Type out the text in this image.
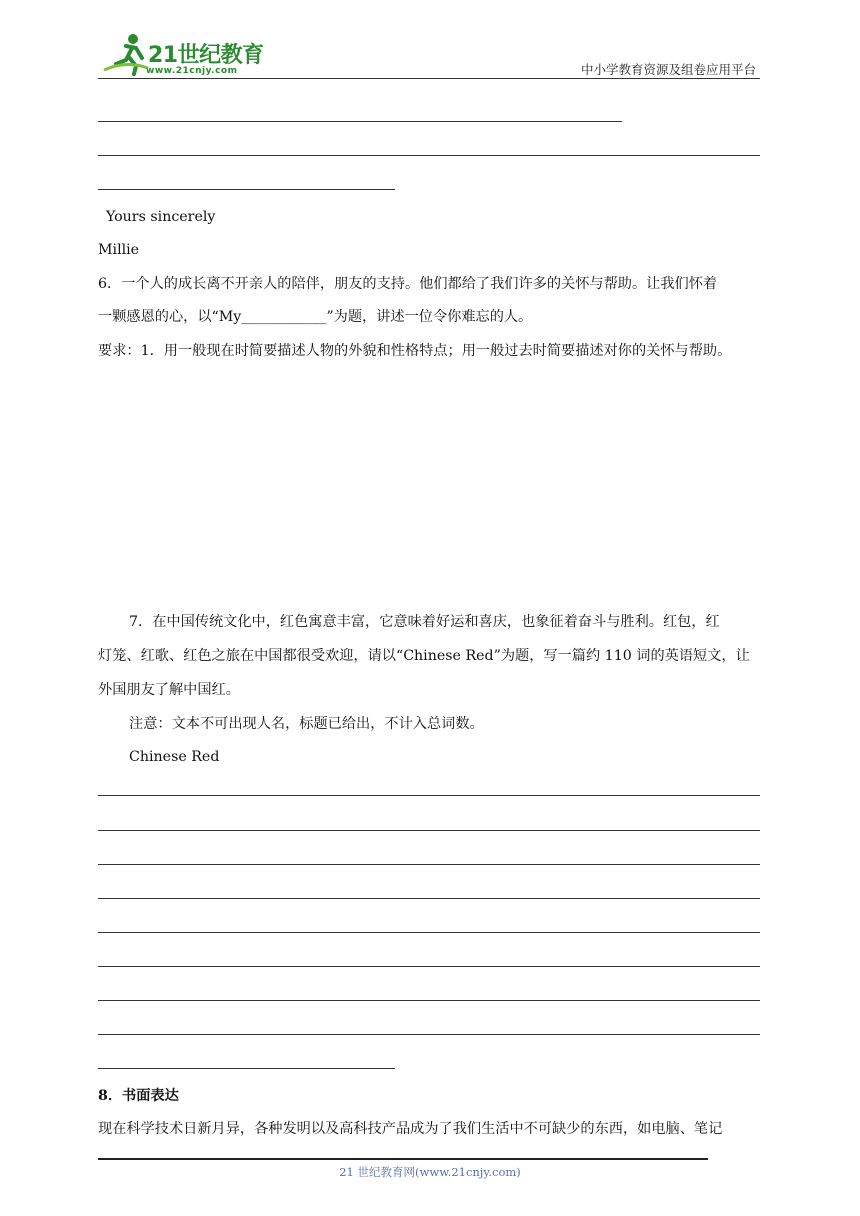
21世纪教育
www.21cnjy.com	中小学教育资源及组卷应用平台
Yours sincerely
Millie
6．一个人的成长离不开亲人的陪伴，朋友的支持。他们都给了我们许多的关怀与帮助。让我们怀着
一颗感恩的心，以“My____________”为题，讲述一位令你难忘的人。
要求：1．用一般现在时简要描述人物的外貌和性格特点；用一般过去时简要描述对你的关怀与帮助。
7．在中国传统文化中，红色寓意丰富，它意味着好运和喜庆，也象征着奋斗与胜利。红包，红
灯笼、红歌、红色之旅在中国都很受欢迎，请以“Chinese Red”为题，写一篇约 110 词的英语短文，让
外国朋友了解中国红。
注意：文本不可出现人名，标题已给出，不计入总词数。
Chinese Red
8．书面表达
现在科学技术日新月异，各种发明以及高科技产品成为了我们生活中不可缺少的东西，如电脑、笔记
21 世纪教育网(www.21cnjy.com)
